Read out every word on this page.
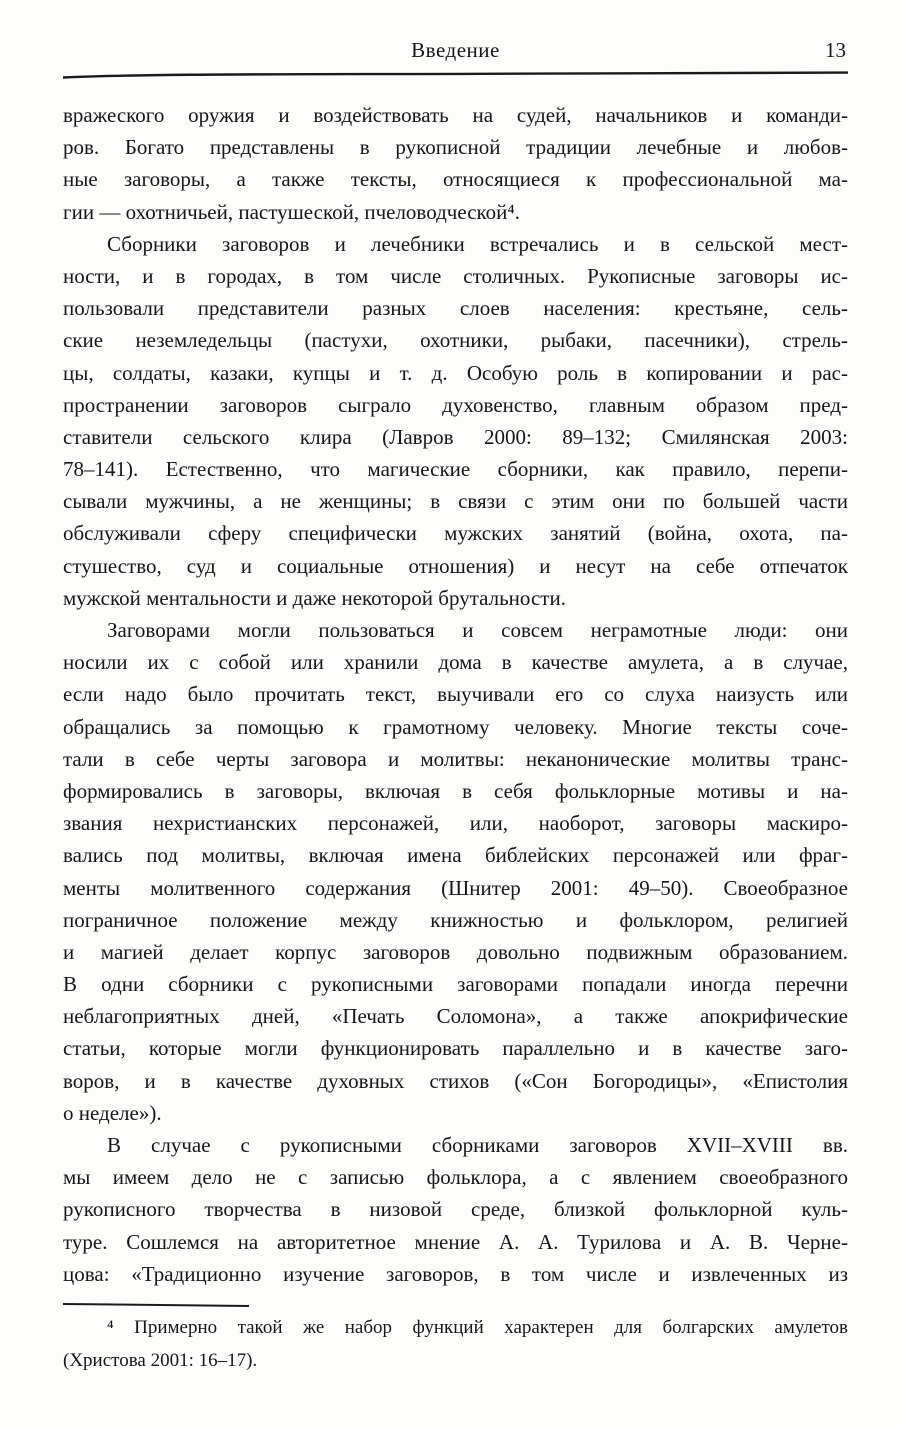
Введение	13
вражеского оружия и воздействовать на судей, начальников и команди-
ров. Богато представлены в рукописной традиции лечебные и любов-
ные заговоры, а также тексты, относящиеся к профессиональной ма-
гии — охотничьей, пастушеской, пчеловодческой⁴.
Сборники заговоров и лечебники встречались и в сельской мест-
ности, и в городах, в том числе столичных. Рукописные заговоры ис-
пользовали представители разных слоев населения: крестьяне, сель-
ские неземледельцы (пастухи, охотники, рыбаки, пасечники), стрель-
цы, солдаты, казаки, купцы и т. д. Особую роль в копировании и рас-
пространении заговоров сыграло духовенство, главным образом пред-
ставители сельского клира (Лавров 2000: 89–132; Смилянская 2003:
78–141). Естественно, что магические сборники, как правило, перепи-
сывали мужчины, а не женщины; в связи с этим они по большей части
обслуживали сферу специфически мужских занятий (война, охота, па-
стушество, суд и социальные отношения) и несут на себе отпечаток
мужской ментальности и даже некоторой брутальности.
Заговорами могли пользоваться и совсем неграмотные люди: они
носили их с собой или хранили дома в качестве амулета, а в случае,
если надо было прочитать текст, выучивали его со слуха наизусть или
обращались за помощью к грамотному человеку. Многие тексты соче-
тали в себе черты заговора и молитвы: неканонические молитвы транс-
формировались в заговоры, включая в себя фольклорные мотивы и на-
звания нехристианских персонажей, или, наоборот, заговоры маскиро-
вались под молитвы, включая имена библейских персонажей или фраг-
менты молитвенного содержания (Шнитер 2001: 49–50). Своеобразное
пограничное положение между книжностью и фольклором, религией
и магией делает корпус заговоров довольно подвижным образованием.
В одни сборники с рукописными заговорами попадали иногда перечни
неблагоприятных дней, «Печать Соломона», а также апокрифические
статьи, которые могли функционировать параллельно и в качестве заго-
воров, и в качестве духовных стихов («Сон Богородицы», «Епистолия
о неделе»).
В случае с рукописными сборниками заговоров XVII–XVIII вв.
мы имеем дело не с записью фольклора, а с явлением своеобразного
рукописного творчества в низовой среде, близкой фольклорной куль-
туре. Сошлемся на авторитетное мнение А. А. Турилова и А. В. Черне-
цова: «Традиционно изучение заговоров, в том числе и извлеченных из
⁴ Примерно такой же набор функций характерен для болгарских амулетов
(Христова 2001: 16–17).
